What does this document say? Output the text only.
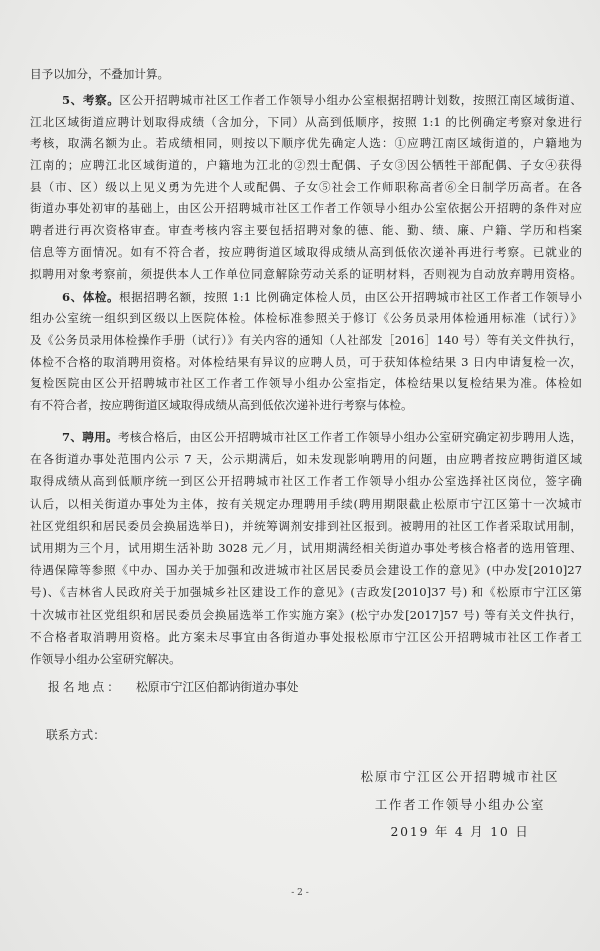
目予以加分，不叠加计算。
5、考察。区公开招聘城市社区工作者工作领导小组办公室根据招聘计划数，按照江南区域街道、
江北区域街道应聘计划取得成绩（含加分，下同）从高到低顺序，按照 1:1 的比例确定考察对象进行
考核，取满名额为止。若成绩相同，则按以下顺序优先确定人选：①应聘江南区域街道的，户籍地为
江南的；应聘江北区域街道的，户籍地为江北的②烈士配偶、子女③因公牺牲干部配偶、子女④获得
县（市、区）级以上见义勇为先进个人或配偶、子女⑤社会工作师职称高者⑥全日制学历高者。在各
街道办事处初审的基础上，由区公开招聘城市社区工作者工作领导小组办公室依据公开招聘的条件对应
聘者进行再次资格审查。审查考核内容主要包括招聘对象的德、能、勤、绩、廉、户籍、学历和档案
信息等方面情况。如有不符合者，按应聘街道区域取得成绩从高到低依次递补再进行考察。已就业的
拟聘用对象考察前，须提供本人工作单位同意解除劳动关系的证明材料，否则视为自动放弃聘用资格。
6、体检。根据招聘名额，按照 1:1 比例确定体检人员，由区公开招聘城市社区工作者工作领导小
组办公室统一组织到区级以上医院体检。体检标准参照关于修订《公务员录用体检通用标准（试行）》
及《公务员录用体检操作手册（试行）》有关内容的通知（人社部发［2016］140 号）等有关文件执行，
体检不合格的取消聘用资格。对体检结果有异议的应聘人员，可于获知体检结果 3 日内申请复检一次，
复检医院由区公开招聘城市社区工作者工作领导小组办公室指定，体检结果以复检结果为准。体检如
有不符合者，按应聘街道区域取得成绩从高到低依次递补进行考察与体检。
7、聘用。考核合格后，由区公开招聘城市社区工作者工作领导小组办公室研究确定初步聘用人选，
在各街道办事处范围内公示 7 天，公示期满后，如未发现影响聘用的问题，由应聘者按应聘街道区域
取得成绩从高到低顺序统一到区公开招聘城市社区工作者工作领导小组办公室选择社区岗位，签字确
认后，以相关街道办事处为主体，按有关规定办理聘用手续(聘用期限截止松原市宁江区第十一次城市
社区党组织和居民委员会换届选举日)，并统筹调剂安排到社区报到。被聘用的社区工作者采取试用制，
试用期为三个月，试用期生活补助 3028 元／月，试用期满经相关街道办事处考核合格者的选用管理、
待遇保障等参照《中办、国办关于加强和改进城市社区居民委员会建设工作的意见》(中办发[2010]27
号)、《吉林省人民政府关于加强城乡社区建设工作的意见》(吉政发[2010]37 号) 和《松原市宁江区第
十次城市社区党组织和居民委员会换届选举工作实施方案》(松宁办发[2017]57 号) 等有关文件执行，
不合格者取消聘用资格。此方案未尽事宜由各街道办事处报松原市宁江区公开招聘城市社区工作者工
作领导小组办公室研究解决。
报名地点： 松原市宁江区伯都讷街道办事处
联系方式：
松原市宁江区公开招聘城市社区
工作者工作领导小组办公室
2019 年 4 月 10 日
- 2 -
